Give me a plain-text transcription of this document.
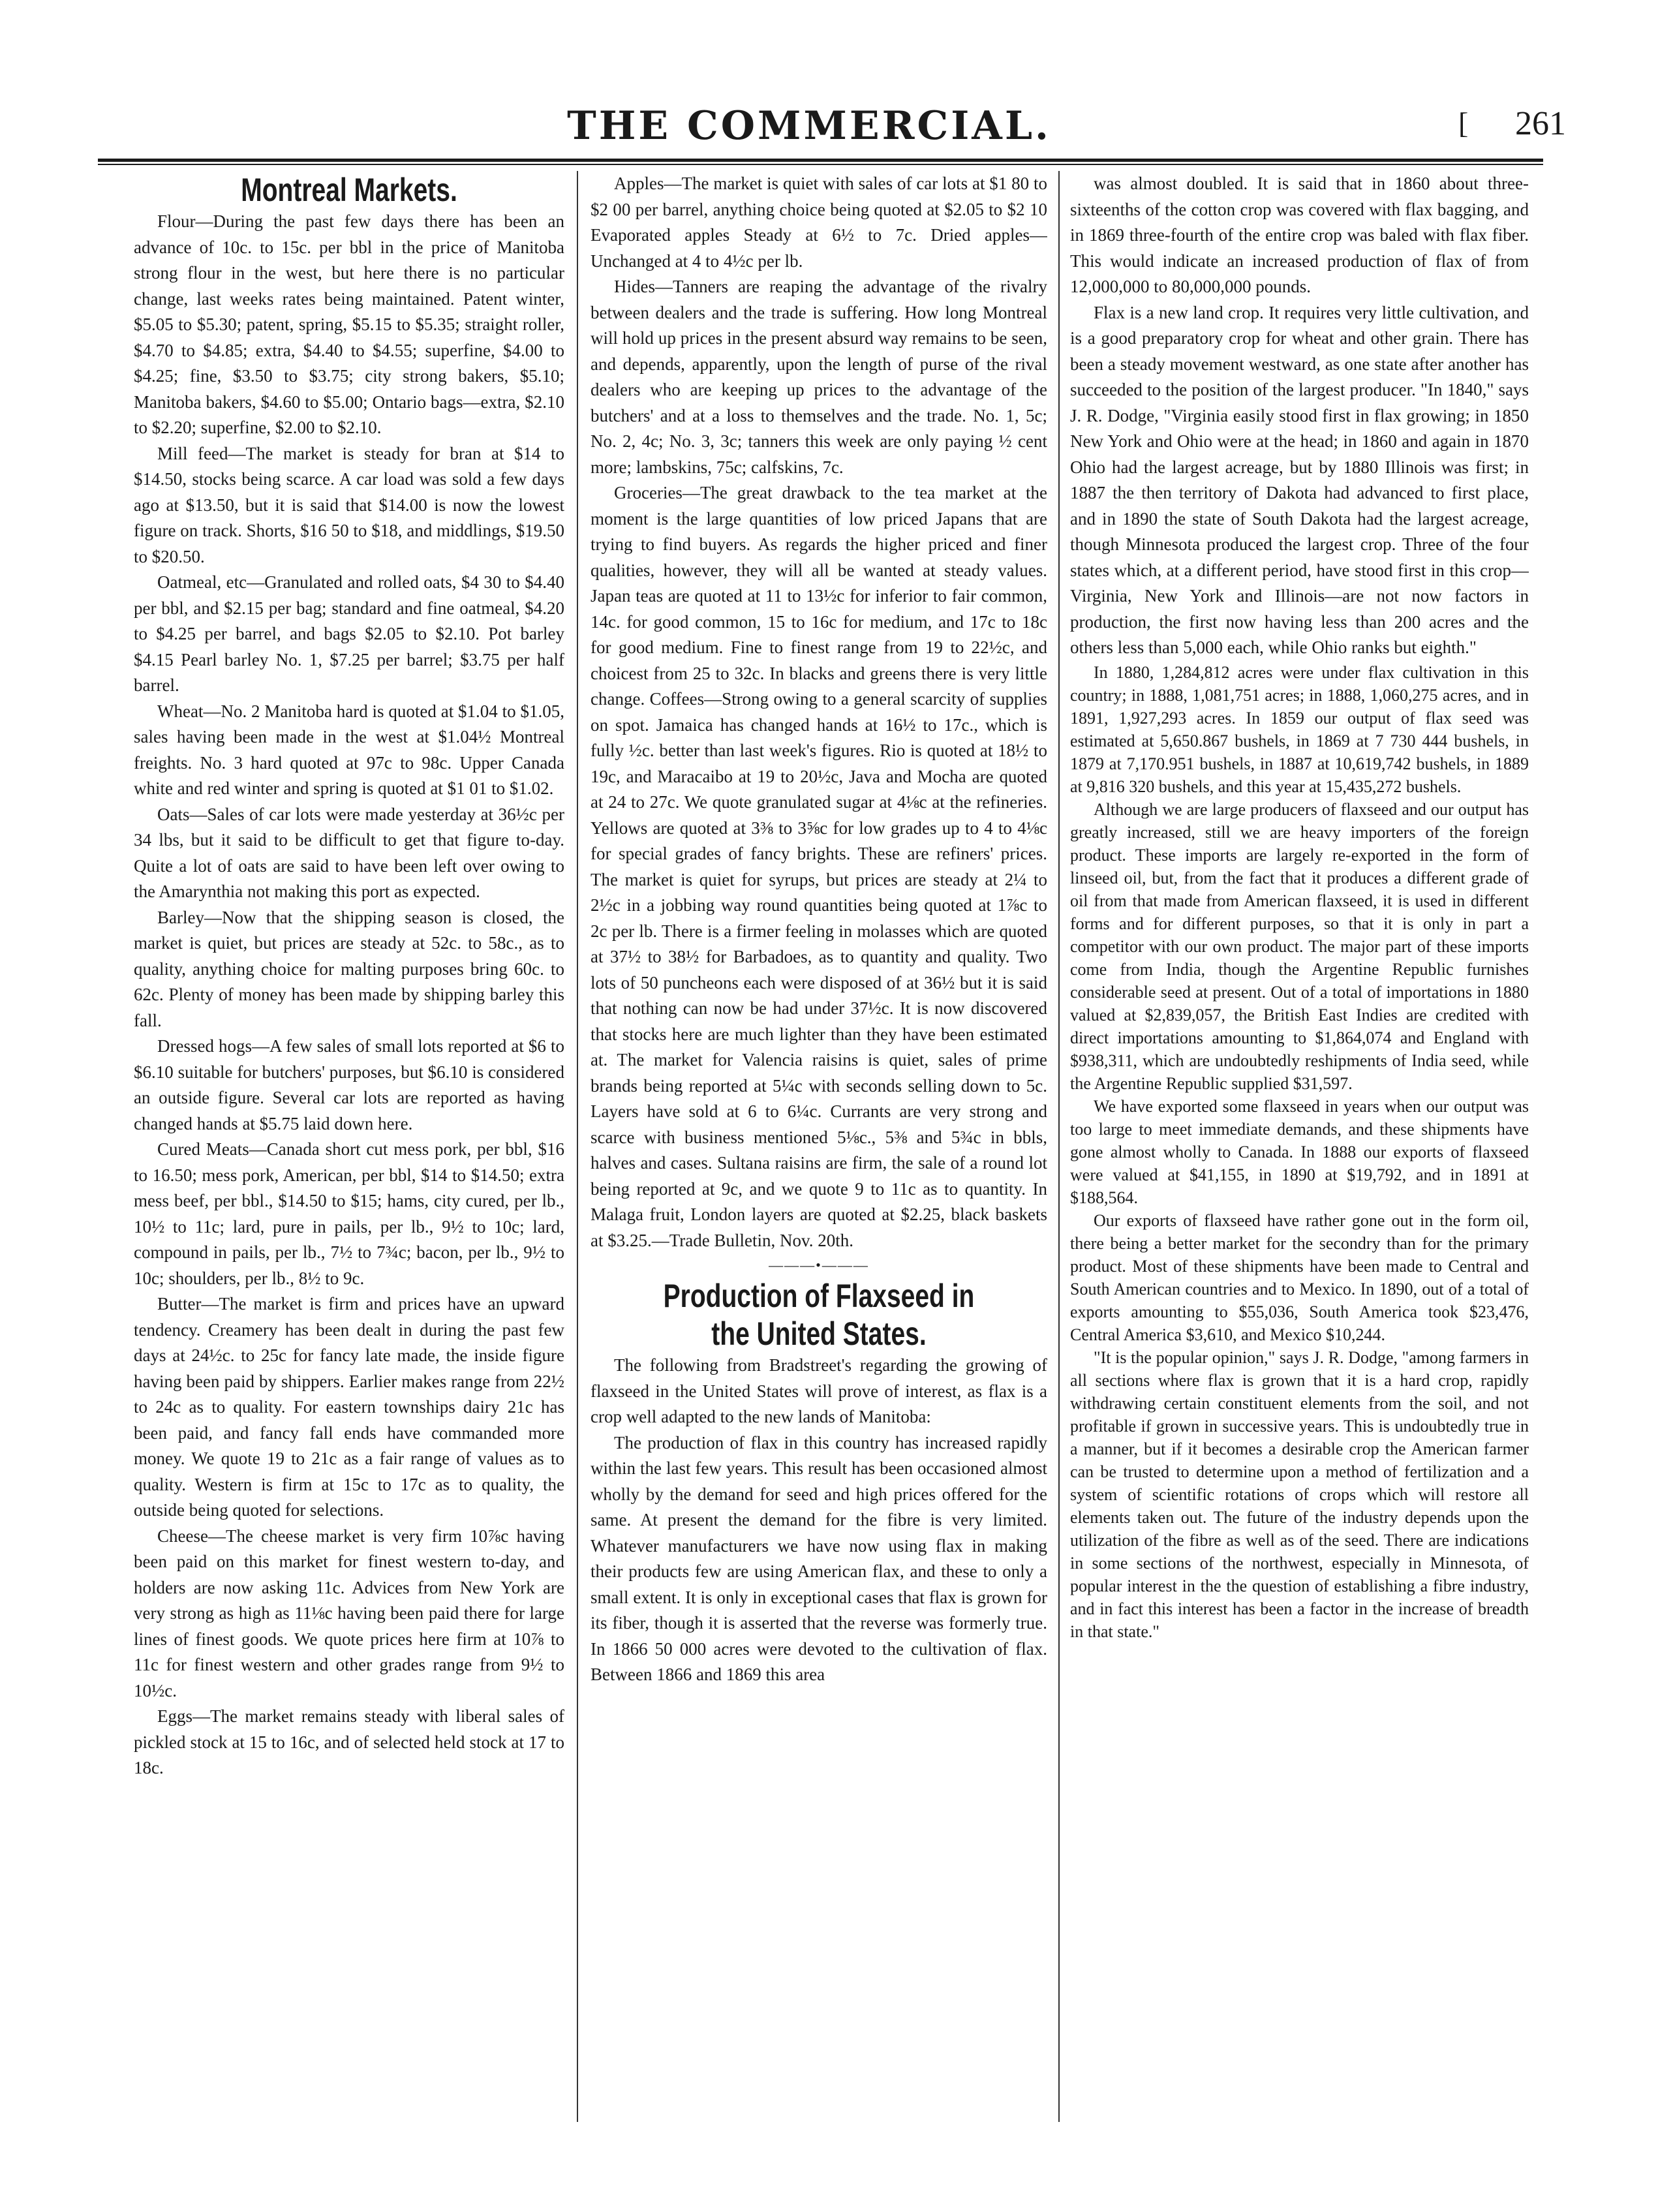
THE COMMERCIAL.	[ 261
Montreal Markets.

Flour—During the past few days there has been an advance of 10c. to 15c. per bbl in the price of Manitoba strong flour in the west, but here there is no particular change, last weeks rates being maintained. Patent winter, $5.05 to $5.30; patent, spring, $5.15 to $5.35; straight roller, $4.70 to $4.85; extra, $4.40 to $4.55; superfine, $4.00 to $4.25; fine, $3.50 to $3.75; city strong bakers, $5.10; Manitoba bakers, $4.60 to $5.00; Ontario bags—extra, $2.10 to $2.20; superfine, $2.00 to $2.10.

Mill feed—The market is steady for bran at $14 to $14.50, stocks being scarce. A car load was sold a few days ago at $13.50, but it is said that $14.00 is now the lowest figure on track. Shorts, $16 50 to $18, and middlings, $19.50 to $20.50.

Oatmeal, etc—Granulated and rolled oats, $4 30 to $4.40 per bbl, and $2.15 per bag; standard and fine oatmeal, $4.20 to $4.25 per barrel, and bags $2.05 to $2.10. Pot barley $4.15 Pearl barley No. 1, $7.25 per barrel; $3.75 per half barrel.

Wheat—No. 2 Manitoba hard is quoted at $1.04 to $1.05, sales having been made in the west at $1.04½ Montreal freights. No. 3 hard quoted at 97c to 98c. Upper Canada white and red winter and spring is quoted at $1 01 to $1.02.

Oats—Sales of car lots were made yesterday at 36½c per 34 lbs, but it said to be difficult to get that figure to-day. Quite a lot of oats are said to have been left over owing to the Amarynthia not making this port as expected.

Barley—Now that the shipping season is closed, the market is quiet, but prices are steady at 52c. to 58c., as to quality, anything choice for malting purposes bring 60c. to 62c. Plenty of money has been made by shipping barley this fall.

Dressed hogs—A few sales of small lots reported at $6 to $6.10 suitable for butchers' purposes, but $6.10 is considered an outside figure. Several car lots are reported as having changed hands at $5.75 laid down here.

Cured Meats—Canada short cut mess pork, per bbl, $16 to 16.50; mess pork, American, per bbl, $14 to $14.50; extra mess beef, per bbl., $14.50 to $15; hams, city cured, per lb., 10½ to 11c; lard, pure in pails, per lb., 9½ to 10c; lard, compound in pails, per lb., 7½ to 7¾c; bacon, per lb., 9½ to 10c; shoulders, per lb., 8½ to 9c.

Butter—The market is firm and prices have an upward tendency. Creamery has been dealt in during the past few days at 24½c. to 25c for fancy late made, the inside figure having been paid by shippers. Earlier makes range from 22½ to 24c as to quality. For eastern townships dairy 21c has been paid, and fancy fall ends have commanded more money. We quote 19 to 21c as a fair range of values as to quality. Western is firm at 15c to 17c as to quality, the outside being quoted for selections.

Cheese—The cheese market is very firm 10⅞c having been paid on this market for finest western to-day, and holders are now asking 11c. Advices from New York are very strong as high as 11⅛c having been paid there for large lines of finest goods. We quote prices here firm at 10⅞ to 11c for finest western and other grades range from 9½ to 10½c.

Eggs—The market remains steady with liberal sales of pickled stock at 15 to 16c, and of selected held stock at 17 to 18c.

Apples—The market is quiet with sales of car lots at $1 80 to $2 00 per barrel, anything choice being quoted at $2.05 to $2 10 Evaporated apples Steady at 6½ to 7c. Dried apples—Unchanged at 4 to 4½c per lb.

Hides—Tanners are reaping the advantage of the rivalry between dealers and the trade is suffering. How long Montreal will hold up prices in the present absurd way remains to be seen, and depends, apparently, upon the length of purse of the rival dealers who are keeping up prices to the advantage of the butchers' and at a loss to themselves and the trade. No. 1, 5c; No. 2, 4c; No. 3, 3c; tanners this week are only paying ½ cent more; lambskins, 75c; calfskins, 7c.

Groceries—The great drawback to the tea market at the moment is the large quantities of low priced Japans that are trying to find buyers. As regards the higher priced and finer qualities, however, they will all be wanted at steady values. Japan teas are quoted at 11 to 13½c for inferior to fair common, 14c. for good common, 15 to 16c for medium, and 17c to 18c for good medium. Fine to finest range from 19 to 22½c, and choicest from 25 to 32c. In blacks and greens there is very little change. Coffees—Strong owing to a general scarcity of supplies on spot. Jamaica has changed hands at 16½ to 17c., which is fully ½c. better than last week's figures. Rio is quoted at 18½ to 19c, and Maracaibo at 19 to 20½c, Java and Mocha are quoted at 24 to 27c. We quote granulated sugar at 4⅛c at the refineries. Yellows are quoted at 3⅜ to 3⅝c for low grades up to 4 to 4⅛c for special grades of fancy brights. These are refiners' prices. The market is quiet for syrups, but prices are steady at 2¼ to 2½c in a jobbing way round quantities being quoted at 1⅞c to 2c per lb. There is a firmer feeling in molasses which are quoted at 37½ to 38½ for Barbadoes, as to quantity and quality. Two lots of 50 puncheons each were disposed of at 36½ but it is said that nothing can now be had under 37½c. It is now discovered that stocks here are much lighter than they have been estimated at. The market for Valencia raisins is quiet, sales of prime brands being reported at 5¼c with seconds selling down to 5c. Layers have sold at 6 to 6¼c. Currants are very strong and scarce with business mentioned 5⅛c., 5⅜ and 5¾c in bbls, halves and cases. Sultana raisins are firm, the sale of a round lot being reported at 9c, and we quote 9 to 11c as to quantity. In Malaga fruit, London layers are quoted at $2.25, black baskets at $3.25.—Trade Bulletin, Nov. 20th.

———•———
Production of Flaxseed in the United States.

The following from Bradstreet's regarding the growing of flaxseed in the United States will prove of interest, as flax is a crop well adapted to the new lands of Manitoba:

The production of flax in this country has increased rapidly within the last few years. This result has been occasioned almost wholly by the demand for seed and high prices offered for the same. At present the demand for the fibre is very limited. Whatever manufacturers we have now using flax in making their products few are using American flax, and these to only a small extent. It is only in exceptional cases that flax is grown for its fiber, though it is asserted that the reverse was formerly true. In 1866 50 000 acres were devoted to the cultivation of flax. Between 1866 and 1869 this area

was almost doubled. It is said that in 1860 about three-sixteenths of the cotton crop was covered with flax bagging, and in 1869 three-fourth of the entire crop was baled with flax fiber. This would indicate an increased production of flax of from 12,000,000 to 80,000,000 pounds.

Flax is a new land crop. It requires very little cultivation, and is a good preparatory crop for wheat and other grain. There has been a steady movement westward, as one state after another has succeeded to the position of the largest producer. "In 1840," says J. R. Dodge, "Virginia easily stood first in flax growing; in 1850 New York and Ohio were at the head; in 1860 and again in 1870 Ohio had the largest acreage, but by 1880 Illinois was first; in 1887 the then territory of Dakota had advanced to first place, and in 1890 the state of South Dakota had the largest acreage, though Minnesota produced the largest crop. Three of the four states which, at a different period, have stood first in this crop—Virginia, New York and Illinois—are not now factors in production, the first now having less than 200 acres and the others less than 5,000 each, while Ohio ranks but eighth."

In 1880, 1,284,812 acres were under flax cultivation in this country; in 1888, 1,081,751 acres; in 1888, 1,060,275 acres, and in 1891, 1,927,293 acres. In 1859 our output of flax seed was estimated at 5,650.867 bushels, in 1869 at 7 730 444 bushels, in 1879 at 7,170.951 bushels, in 1887 at 10,619,742 bushels, in 1889 at 9,816 320 bushels, and this year at 15,435,272 bushels.

Although we are large producers of flaxseed and our output has greatly increased, still we are heavy importers of the foreign product. These imports are largely re-exported in the form of linseed oil, but, from the fact that it produces a different grade of oil from that made from American flaxseed, it is used in different forms and for different purposes, so that it is only in part a competitor with our own product. The major part of these imports come from India, though the Argentine Republic furnishes considerable seed at present. Out of a total of importations in 1880 valued at $2,839,057, the British East Indies are credited with direct importations amounting to $1,864,074 and England with $938,311, which are undoubtedly reshipments of India seed, while the Argentine Republic supplied $31,597.

We have exported some flaxseed in years when our output was too large to meet immediate demands, and these shipments have gone almost wholly to Canada. In 1888 our exports of flaxseed were valued at $41,155, in 1890 at $19,792, and in 1891 at $188,564.

Our exports of flaxseed have rather gone out in the form oil, there being a better market for the secondry than for the primary product. Most of these shipments have been made to Central and South American countries and to Mexico. In 1890, out of a total of exports amounting to $55,036, South America took $23,476, Central America $3,610, and Mexico $10,244.

"It is the popular opinion," says J. R. Dodge, "among farmers in all sections where flax is grown that it is a hard crop, rapidly withdrawing certain constituent elements from the soil, and not profitable if grown in successive years. This is undoubtedly true in a manner, but if it becomes a desirable crop the American farmer can be trusted to determine upon a method of fertilization and a system of scientific rotations of crops which will restore all elements taken out. The future of the industry depends upon the utilization of the fibre as well as of the seed. There are indications in some sections of the northwest, especially in Minnesota, of popular interest in the the question of establishing a fibre industry, and in fact this interest has been a factor in the increase of breadth in that state."
